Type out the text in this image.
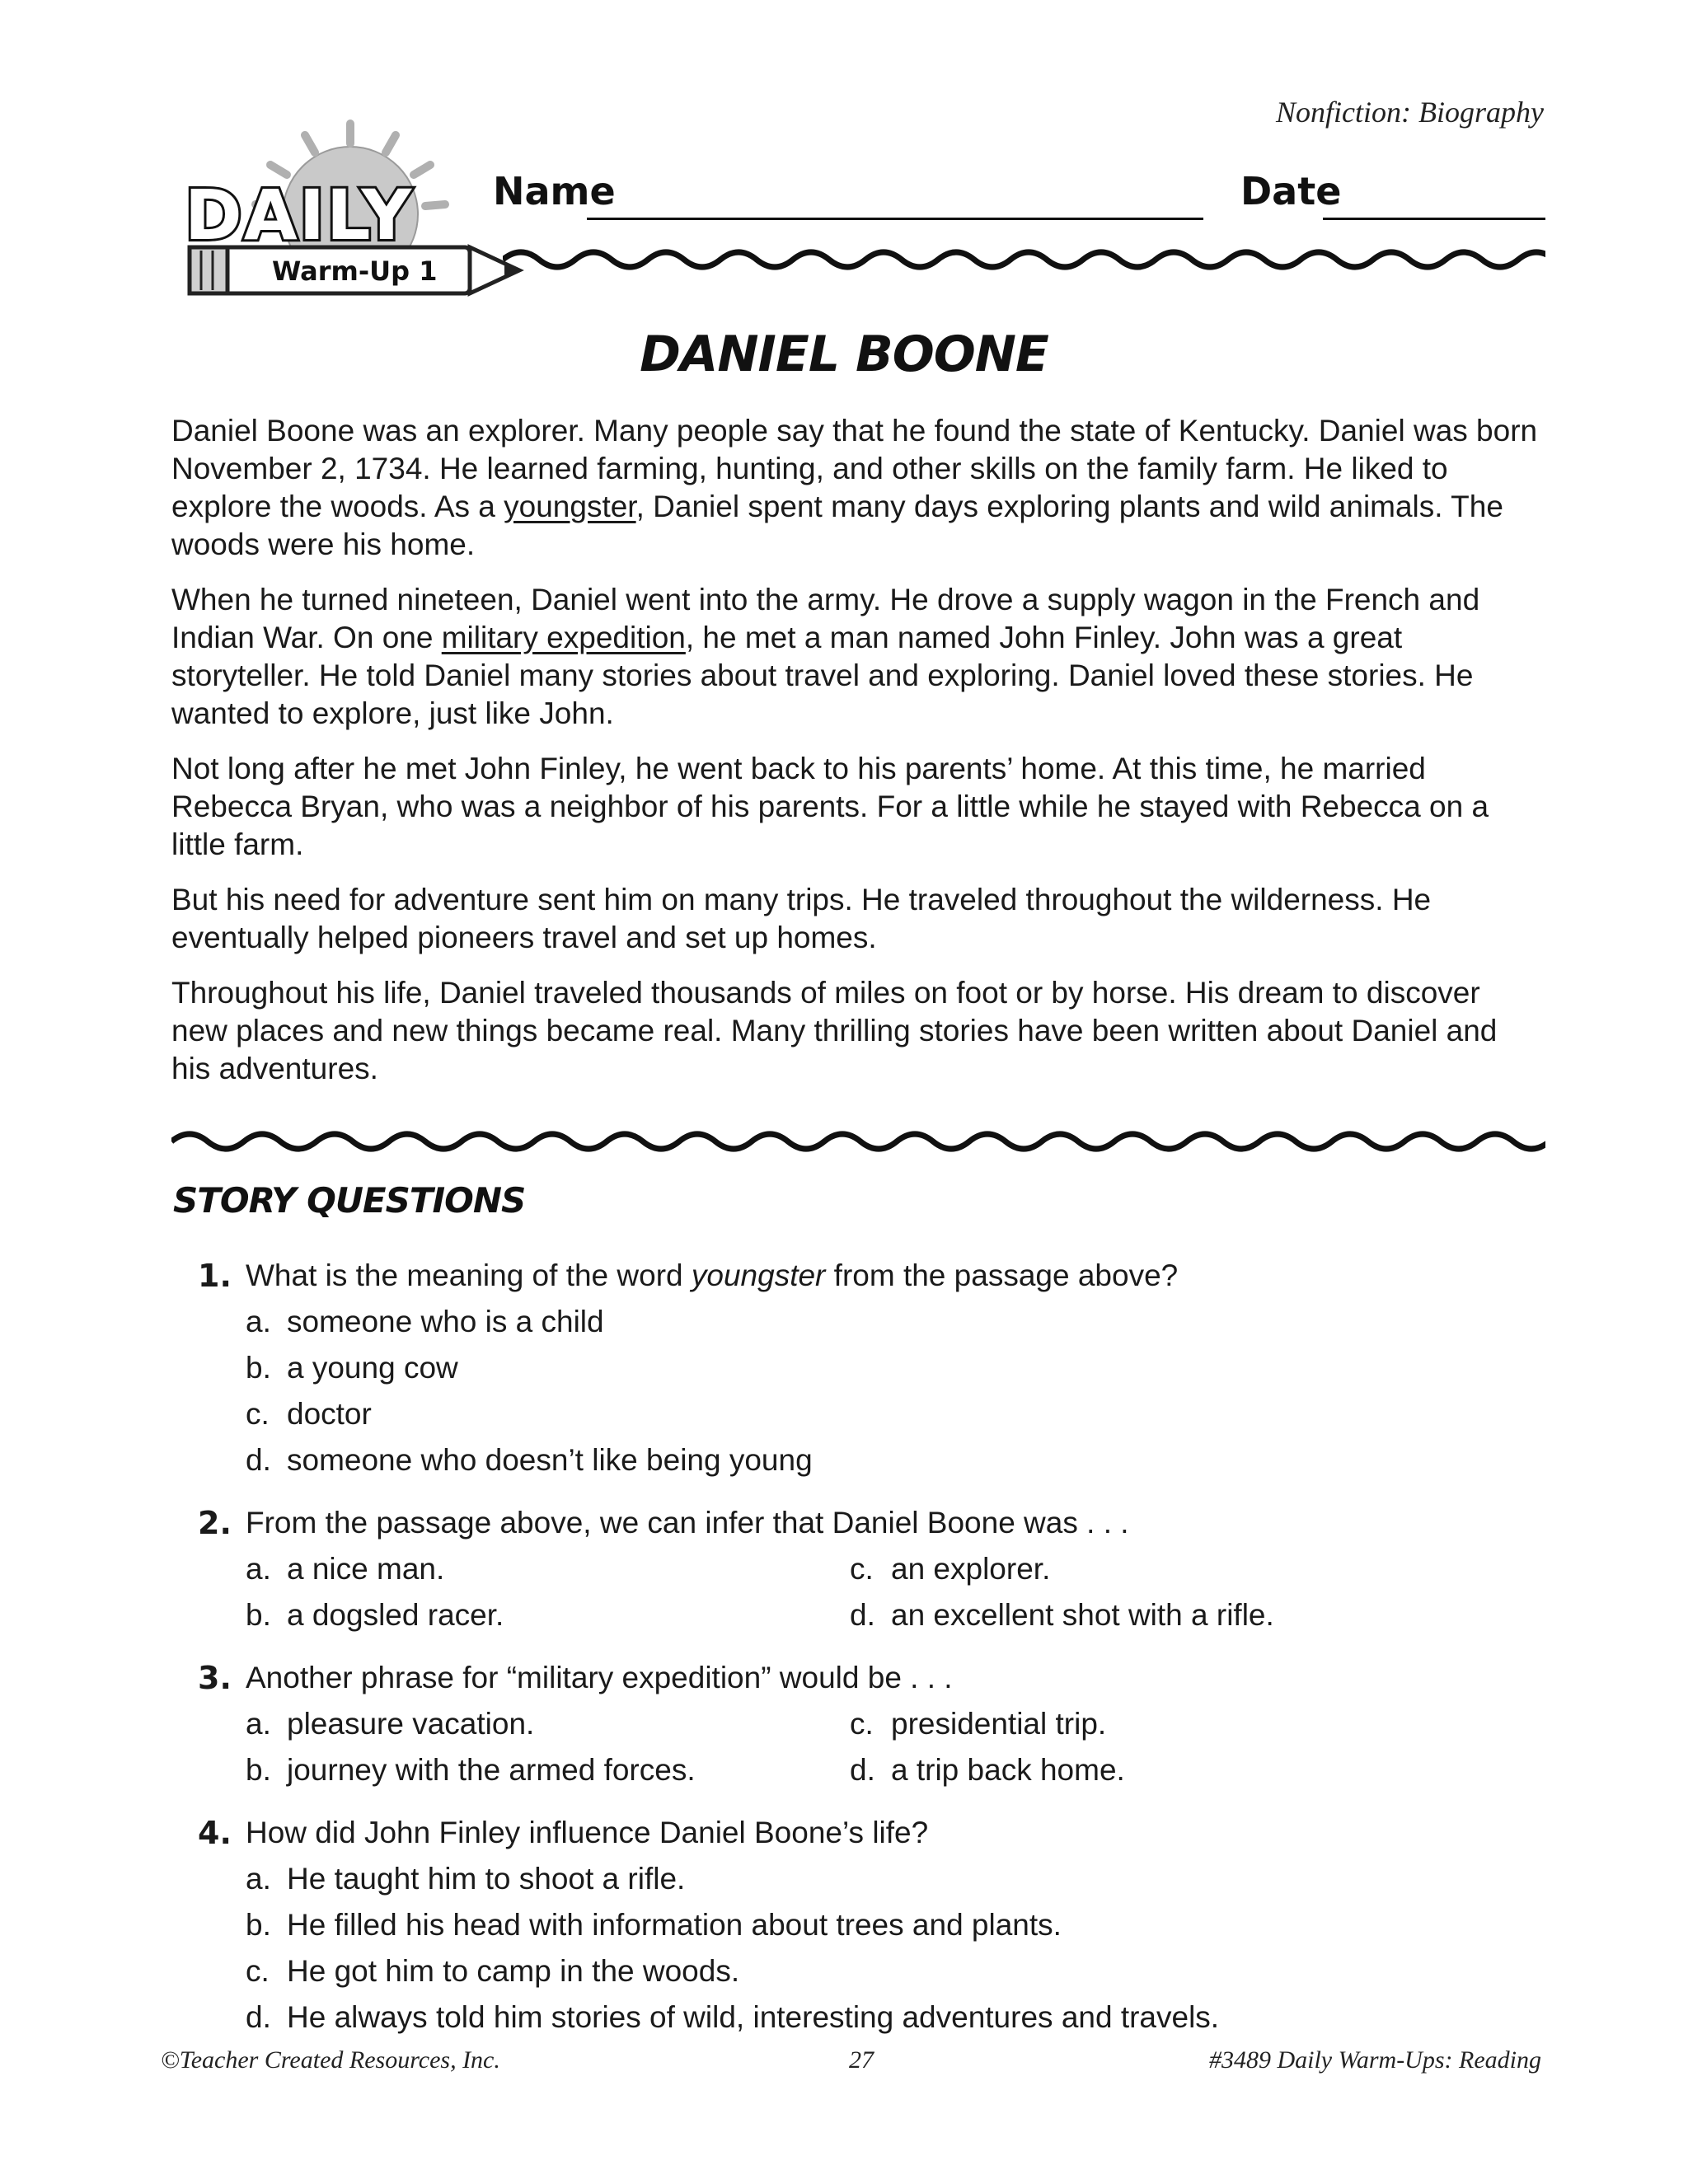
Nonfiction: Biography
Warm-Up 1
DAILY Name	Date
DANIEL BOONE

Daniel Boone was an explorer. Many people say that he found the state of Kentucky. Daniel was born November 2, 1734. He learned farming, hunting, and other skills on the family farm. He liked to explore the woods. As a youngster, Daniel spent many days exploring plants and wild animals. The woods were his home.

When he turned nineteen, Daniel went into the army. He drove a supply wagon in the French and Indian War. On one military expedition, he met a man named John Finley. John was a great storyteller. He told Daniel many stories about travel and exploring. Daniel loved these stories. He wanted to explore, just like John.

Not long after he met John Finley, he went back to his parents’ home. At this time, he married Rebecca Bryan, who was a neighbor of his parents. For a little while he stayed with Rebecca on a little farm.

But his need for adventure sent him on many trips. He traveled throughout the wilderness. He eventually helped pioneers travel and set up homes.

Throughout his life, Daniel traveled thousands of miles on foot or by horse. His dream to discover new places and new things became real. Many thrilling stories have been written about Daniel and his adventures.

STORY QUESTIONS
1. What is the meaning of the word youngster from the passage above?
a. someone who is a child
b. a young cow
c. doctor
d. someone who doesn’t like being young
2. From the passage above, we can infer that Daniel Boone was . . .
a. a nice man.	c. an explorer.
b. a dogsled racer.	d. an excellent shot with a rifle.
3. Another phrase for “military expedition” would be . . .
a. pleasure vacation.	c. presidential trip.
b. journey with the armed forces.	d. a trip back home.
4. How did John Finley influence Daniel Boone’s life?
a. He taught him to shoot a rifle.
b. He filled his head with information about trees and plants.
c. He got him to camp in the woods.
d. He always told him stories of wild, interesting adventures and travels.
©Teacher Created Resources, Inc.	27	#3489 Daily Warm-Ups: Reading
